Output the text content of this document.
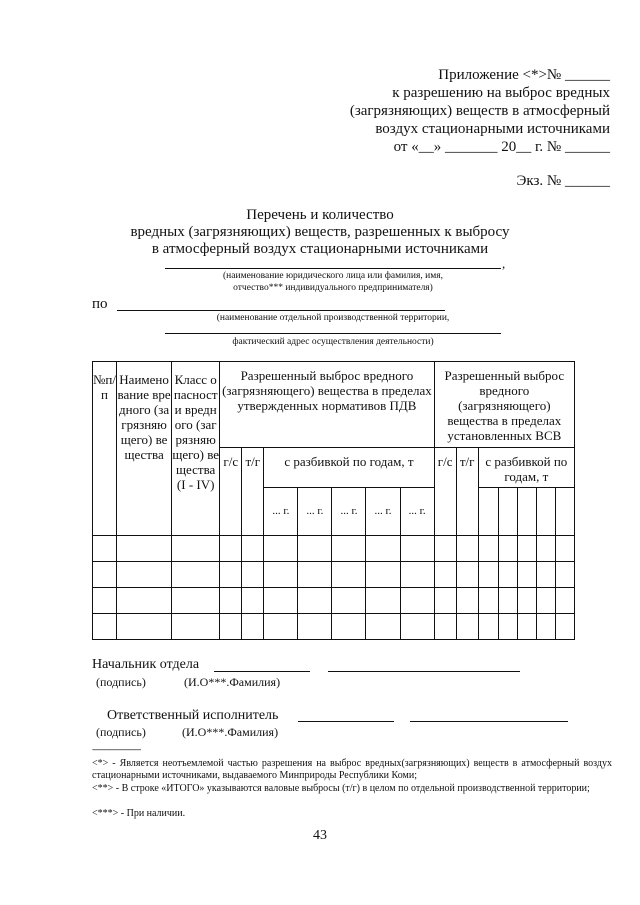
Приложение <*>№ ______
к разрешению на выброс вредных
(загрязняющих) веществ в атмосферный
воздух стационарными источниками
от «__» _______ 20__ г. № ______
Экз. № ______
Перечень и количество
вредных (загрязняющих) веществ, разрешенных к выбросу
в атмосферный воздух стационарными источниками
,
(наименование юридического лица или фамилия, имя,
отчество*** индивидуального предпринимателя)
по
(наименование отдельной производственной территории,
фактический адрес осуществления деятельности)
№п/п	Наименование вредного (загрязняющего) вещества	Класс опасности вредного (загрязняющего) вещества (I - IV)	Разрешенный выброс вредного (загрязняющего) вещества в пределах утвержденных нормативов ПДВ							Разрешенный выброс вредного (загрязняющего) вещества в пределах установленных ВСВ						
			г/с	т/г	с разбивкой по годам, т					г/с	т/г	с разбивкой по годам, т				
					... г.	... г.	... г.	... г.	... г.							

Начальник отдела
(подпись)	(И.О***.Фамилия)
Ответственный исполнитель
(подпись)	(И.О***.Фамилия)
-----------------------------
<*> - Является неотъемлемой частью разрешения на выброс вредных(загрязняющих) веществ в атмосферный воздух стационарными источниками, выдаваемого Минприроды Республики Коми;
<**> - В строке «ИТОГО» указываются валовые выбросы (т/г) в целом по отдельной производственной территории;
<***> - При наличии.
43
